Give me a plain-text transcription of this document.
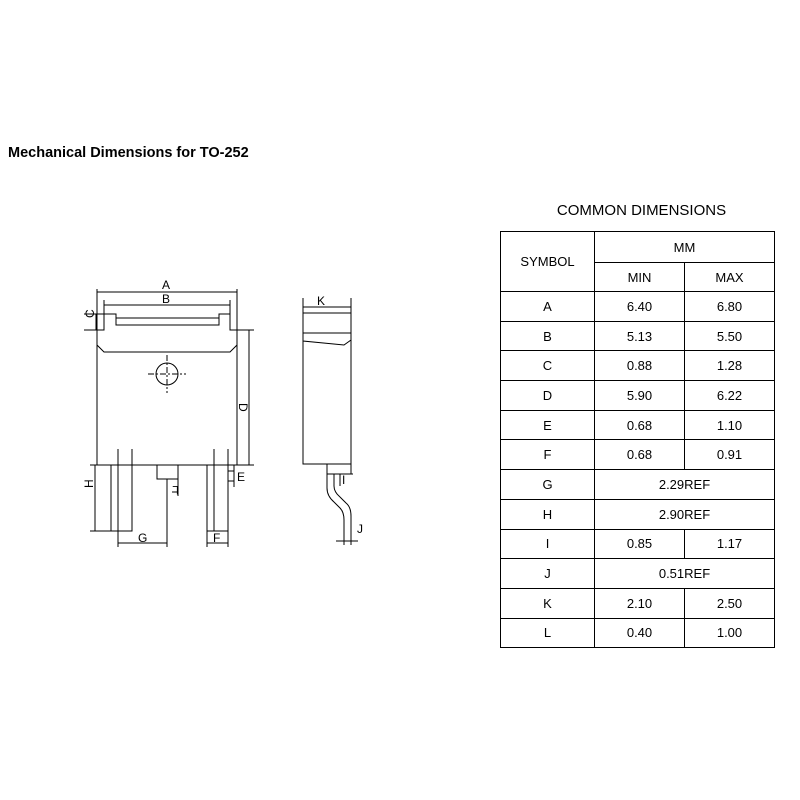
Mechanical Dimensions for TO-252
A
B
C
D
E
F
G
H	I
J
K
L
COMMON DIMENSIONS
SYMBOL	MM	
	MIN	MAX
A	6.40	6.80
B	5.13	5.50
C	0.88	1.28
D	5.90	6.22
E	0.68	1.10
F	0.68	0.91
G	2.29REF	
H	2.90REF	
I	0.85	1.17
J	0.51REF	
K	2.10	2.50
L	0.40	1.00
